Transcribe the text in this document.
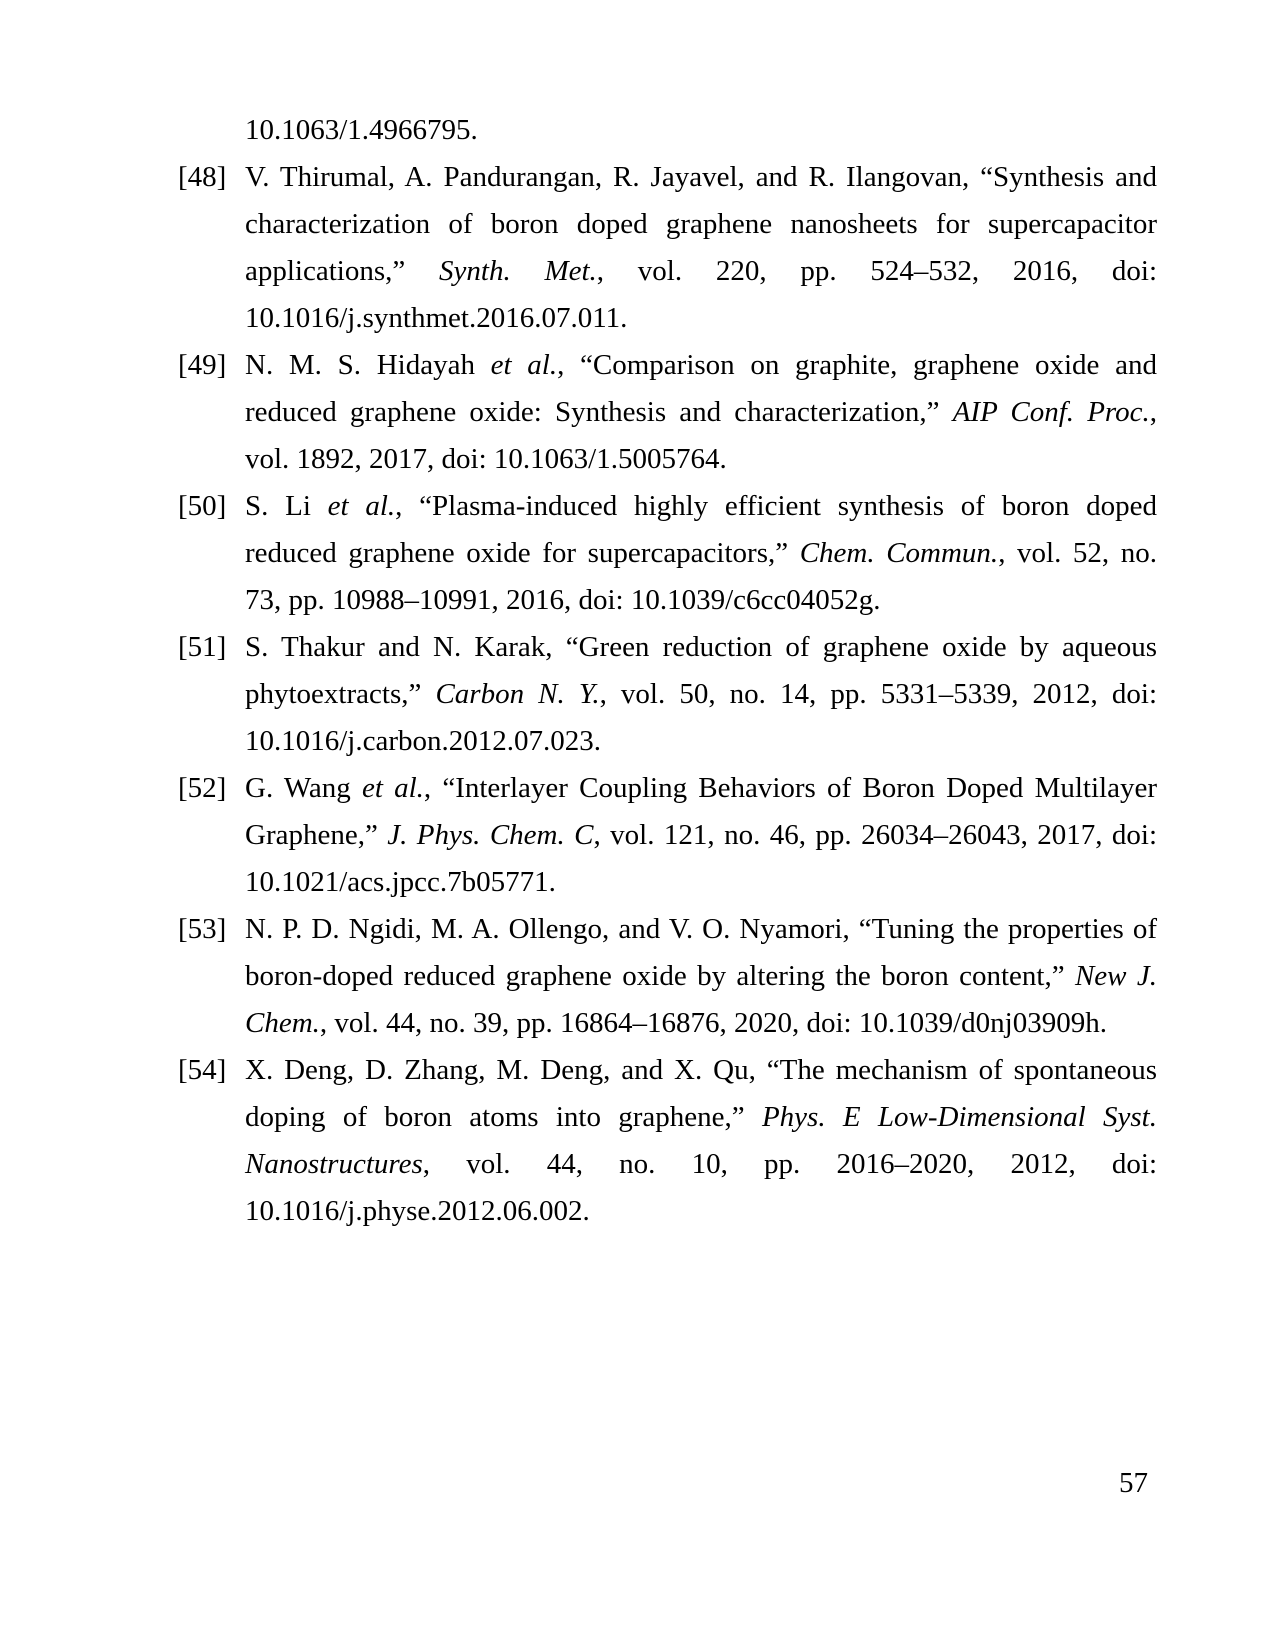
10.1063/1.4966795.
[48] V. Thirumal, A. Pandurangan, R. Jayavel, and R. Ilangovan, “Synthesis and characterization of boron doped graphene nanosheets for supercapacitor applications,” Synth. Met., vol. 220, pp. 524–532, 2016, doi: 10.1016/j.synthmet.2016.07.011.
[49] N. M. S. Hidayah et al., “Comparison on graphite, graphene oxide and reduced graphene oxide: Synthesis and characterization,” AIP Conf. Proc., vol. 1892, 2017, doi: 10.1063/1.5005764.
[50] S. Li et al., “Plasma-induced highly efficient synthesis of boron doped reduced graphene oxide for supercapacitors,” Chem. Commun., vol. 52, no. 73, pp. 10988–10991, 2016, doi: 10.1039/c6cc04052g.
[51] S. Thakur and N. Karak, “Green reduction of graphene oxide by aqueous phytoextracts,” Carbon N. Y., vol. 50, no. 14, pp. 5331–5339, 2012, doi: 10.1016/j.carbon.2012.07.023.
[52] G. Wang et al., “Interlayer Coupling Behaviors of Boron Doped Multilayer Graphene,” J. Phys. Chem. C, vol. 121, no. 46, pp. 26034–26043, 2017, doi: 10.1021/acs.jpcc.7b05771.
[53] N. P. D. Ngidi, M. A. Ollengo, and V. O. Nyamori, “Tuning the properties of boron-doped reduced graphene oxide by altering the boron content,” New J. Chem., vol. 44, no. 39, pp. 16864–16876, 2020, doi: 10.1039/d0nj03909h.
[54] X. Deng, D. Zhang, M. Deng, and X. Qu, “The mechanism of spontaneous doping of boron atoms into graphene,” Phys. E Low-Dimensional Syst. Nanostructures, vol. 44, no. 10, pp. 2016–2020, 2012, doi: 10.1016/j.physe.2012.06.002.
57
